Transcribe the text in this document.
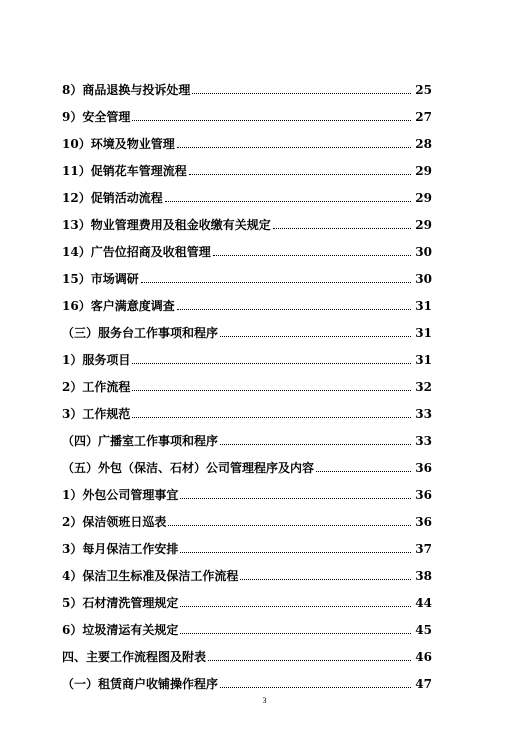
8）商品退换与投诉处理	25
9）安全管理	27
10）环境及物业管理	28
11）促销花车管理流程	29
12）促销活动流程	29
13）物业管理费用及租金收缴有关规定	29
14）广告位招商及收租管理	30
15）市场调研	30
16）客户满意度调查	31
（三）服务台工作事项和程序	31
1）服务项目	31
2）工作流程	32
3）工作规范	33
（四）广播室工作事项和程序	33
（五）外包（保洁、石材）公司管理程序及内容	36
1）外包公司管理事宜	36
2）保洁领班日巡表	36
3）每月保洁工作安排	37
4）保洁卫生标准及保洁工作流程	38
5）石材清洗管理规定	44
6）垃圾清运有关规定	45
四、主要工作流程图及附表	46
（一）租赁商户收铺操作程序	47
3
